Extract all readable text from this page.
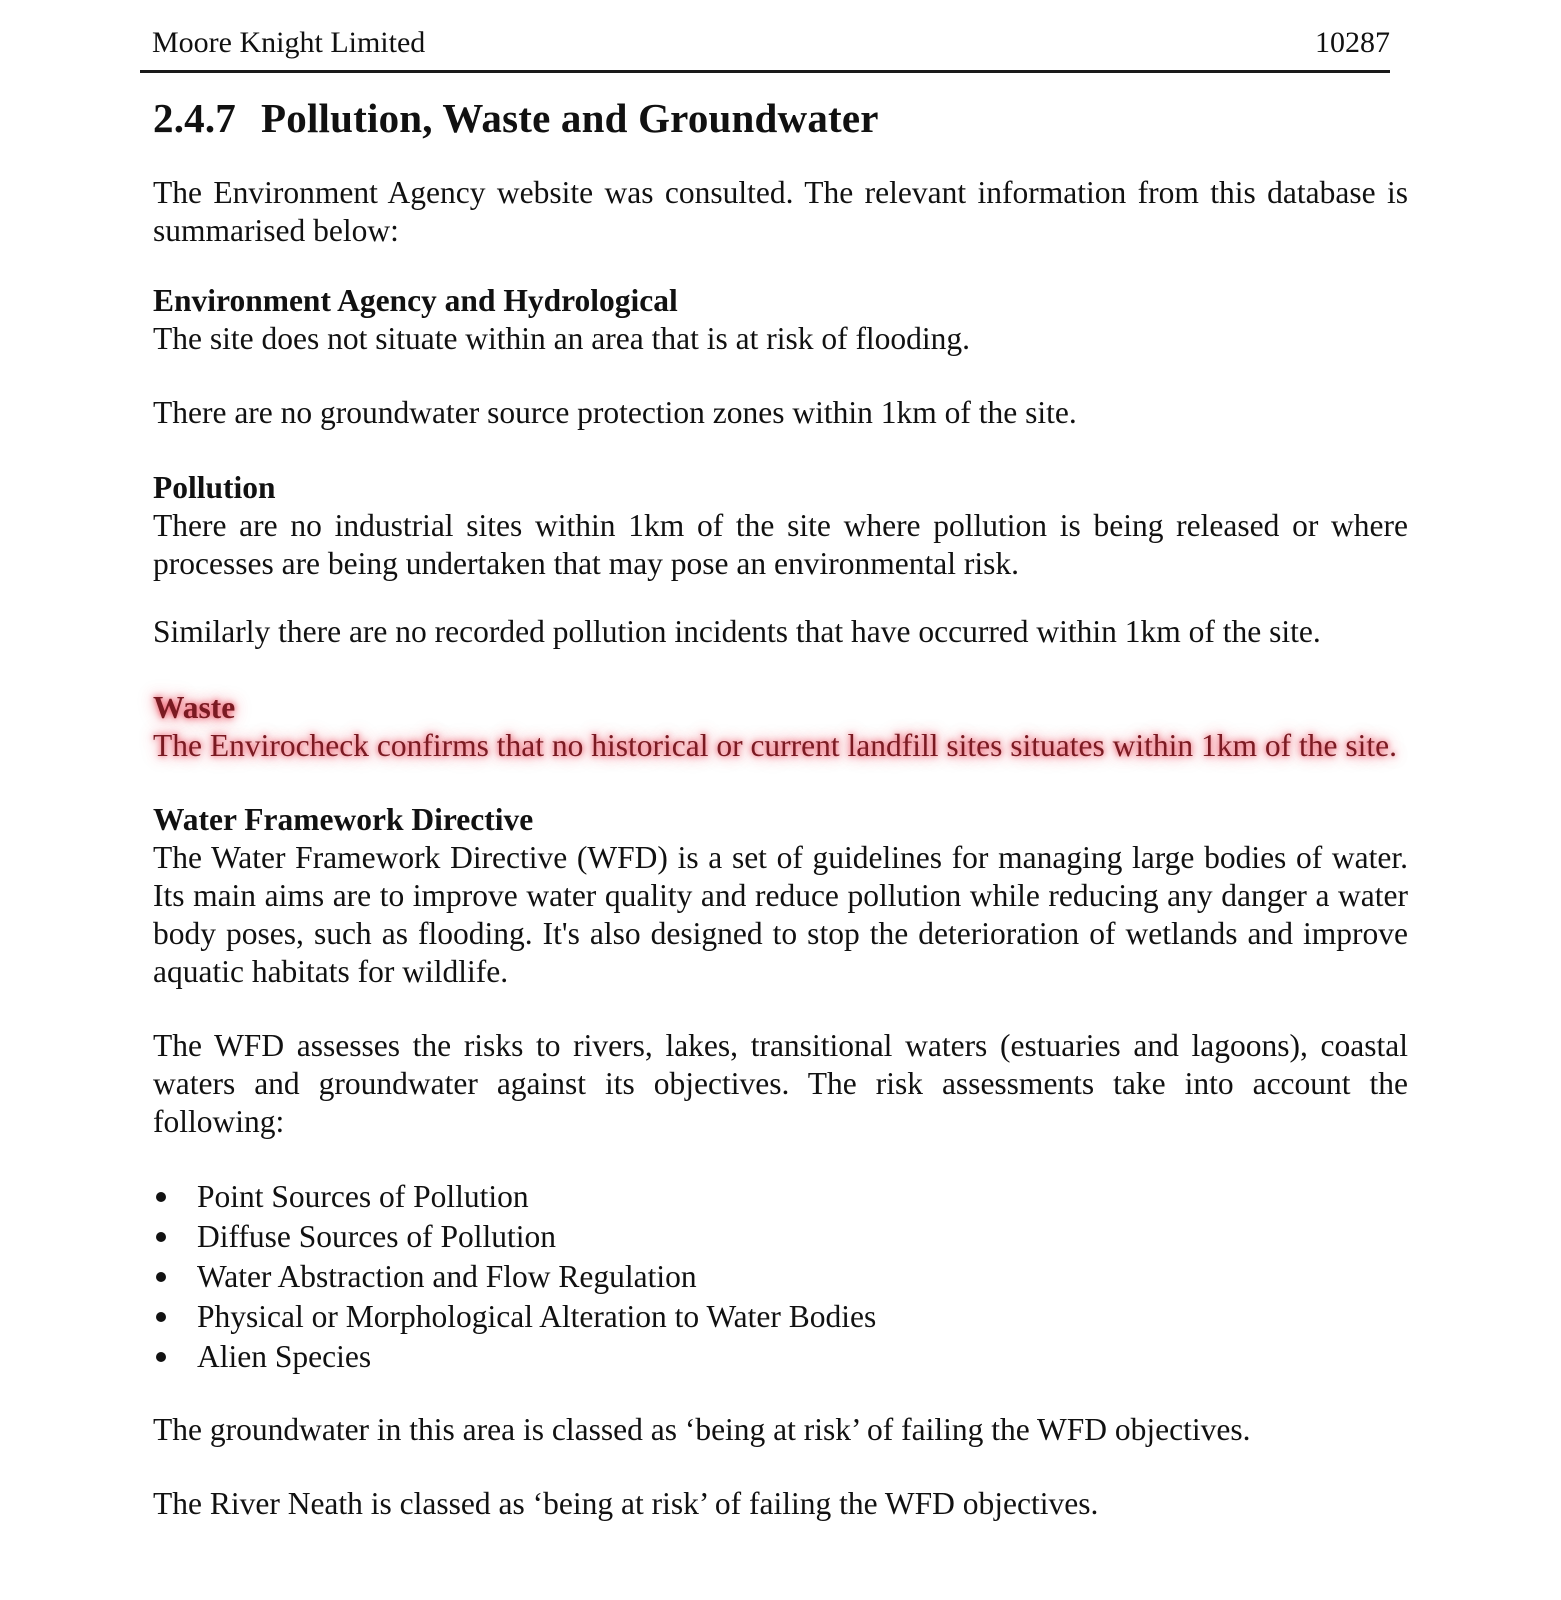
Moore Knight Limited	10287
2.4.7 Pollution, Waste and Groundwater

The Environment Agency website was consulted. The relevant information from this database is summarised below:

Environment Agency and Hydrological

The site does not situate within an area that is at risk of flooding.

There are no groundwater source protection zones within 1km of the site.

Pollution

There are no industrial sites within 1km of the site where pollution is being released or where processes are being undertaken that may pose an environmental risk.

Similarly there are no recorded pollution incidents that have occurred within 1km of the site.

Waste

The Envirocheck confirms that no historical or current landfill sites situates within 1km of the site.

Water Framework Directive

The Water Framework Directive (WFD) is a set of guidelines for managing large bodies of water. Its main aims are to improve water quality and reduce pollution while reducing any danger a water body poses, such as flooding. It's also designed to stop the deterioration of wetlands and improve aquatic habitats for wildlife.

The WFD assesses the risks to rivers, lakes, transitional waters (estuaries and lagoons), coastal waters and groundwater against its objectives. The risk assessments take into account the following:

Point Sources of Pollution
Diffuse Sources of Pollution
Water Abstraction and Flow Regulation
Physical or Morphological Alteration to Water Bodies
Alien Species

The groundwater in this area is classed as ‘being at risk’ of failing the WFD objectives.

The River Neath is classed as ‘being at risk’ of failing the WFD objectives.
